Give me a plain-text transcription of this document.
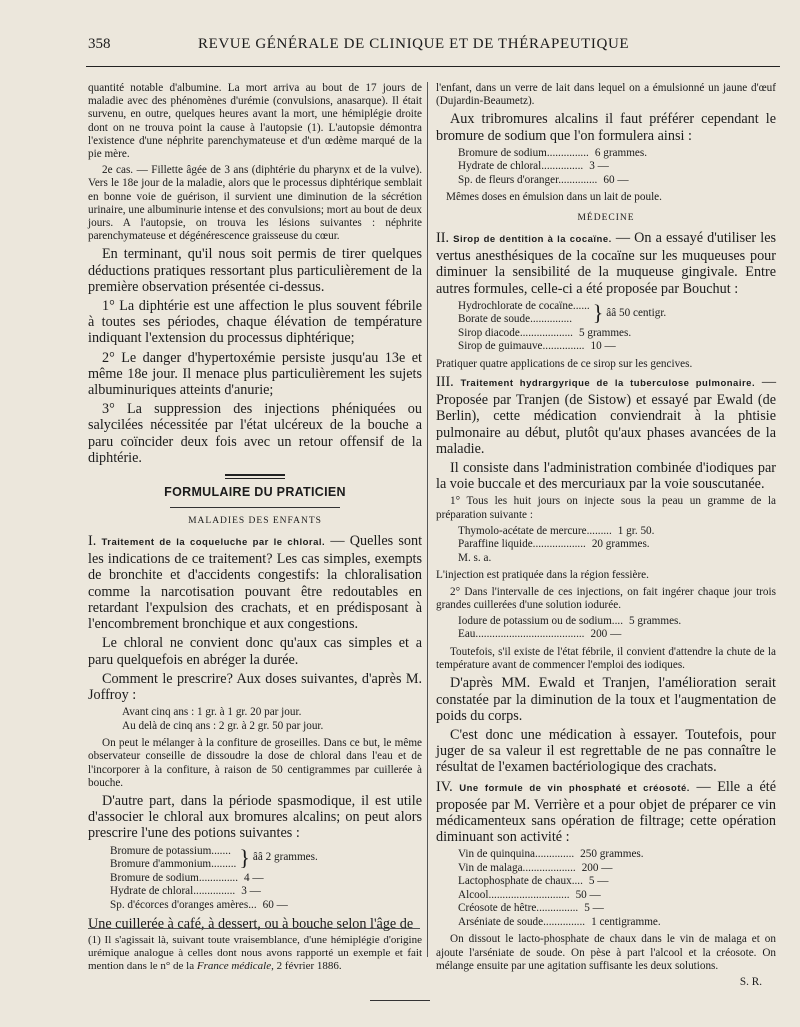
358	REVUE GÉNÉRALE DE CLINIQUE ET DE THÉRAPEUTIQUE

quantité notable d'albumine. La mort arriva au bout de 17 jours de maladie avec des phénomènes d'urémie (convulsions, anasarque). Il était survenu, en outre, quelques heures avant la mort, une hémiplégie droite dont on ne trouva point la cause à l'autopsie (1). L'autopsie démontra l'existence d'une néphrite parenchymateuse et d'un œdème marqué de la pie mère.

2e cas. — Fillette âgée de 3 ans (diphtérie du pharynx et de la vulve). Vers le 18e jour de la maladie, alors que le processus diphtérique semblait en bonne voie de guérison, il survient une diminution de la sécrétion urinaire, une albuminurie intense et des convulsions; mort au bout de deux jours. A l'autopsie, on trouva les lésions suivantes : néphrite parenchymateuse et dégénérescence graisseuse du cœur.

En terminant, qu'il nous soit permis de tirer quelques déductions pratiques ressortant plus particulièrement de la première observation présentée ci-dessus.

1° La diphtérie est une affection le plus souvent fébrile à toutes ses périodes, chaque élévation de température indiquant l'extension du processus diphtérique;

2° Le danger d'hypertoxémie persiste jusqu'au 13e et même 18e jour. Il menace plus particulièrement les sujets albuminuriques atteints d'anurie;

3° La suppression des injections phéniquées ou salycilées nécessitée par l'état ulcéreux de la bouche a paru coïncider deux fois avec un retour offensif de la diphtérie.

FORMULAIRE DU PRATICIEN
MALADIES DES ENFANTS

I. Traitement de la coqueluche par le chloral. — Quelles sont les indications de ce traitement? Les cas simples, exempts de bronchite et d'accidents congestifs: la chloralisation comme la narcotisation pouvant être redoutables en retardant l'expulsion des crachats, et en prédisposant à l'encombrement bronchique et aux congestions.

Le chloral ne convient donc qu'aux cas simples et a paru quelquefois en abréger la durée.

Comment le prescrire? Aux doses suivantes, d'après M. Joffroy :

Avant cinq ans : 1 gr. à 1 gr. 20 par jour.
Au delà de cinq ans : 2 gr. à 2 gr. 50 par jour.

On peut le mélanger à la confiture de groseilles. Dans ce but, le même observateur conseille de dissoudre la dose de chloral dans l'eau et de l'incorporer à la confiture, à raison de 50 centigrammes par cuillerée à bouche.

D'autre part, dans la période spasmodique, il est utile d'associer le chloral aux bromures alcalins; on peut alors prescrire l'une des potions suivantes :

Bromure de potassium.......
Bromure d'ammonium......... } ââ 2 grammes.
Bromure de sodium.............. 4 —
Hydrate de chloral............... 3 —
Sp. d'écorces d'oranges amères... 60 —

Une cuillerée à café, à dessert, ou à bouche selon l'âge de

(1) Il s'agissait là, suivant toute vraisemblance, d'une hémiplégie d'origine urémique analogue à celles dont nous avons rapporté un exemple et fait mention dans le n° de la France médicale, 2 février 1886.

l'enfant, dans un verre de lait dans lequel on a émulsionné un jaune d'œuf (Dujardin-Beaumetz).

Aux tribromures alcalins il faut préférer cependant le bromure de sodium que l'on formulera ainsi :

Bromure de sodium............... 6 grammes.
Hydrate de chloral............... 3 —
Sp. de fleurs d'oranger.............. 60 —

Mêmes doses en émulsion dans un lait de poule.

MÉDECINE

II. Sirop de dentition à la cocaïne. — On a essayé d'utiliser les vertus anesthésiques de la cocaïne sur les muqueuses pour diminuer la sensibilité de la muqueuse gingivale. Entre autres formules, celle-ci a été proposée par Bouchut :

Hydrochlorate de cocaïne......
Borate de soude............... } ââ 50 centigr.
Sirop diacode................... 5 grammes.
Sirop de guimauve............... 10 —

Pratiquer quatre applications de ce sirop sur les gencives.

III. Traitement hydrargyrique de la tuberculose pulmonaire. — Proposée par Tranjen (de Sistow) et essayé par Ewald (de Berlin), cette médication conviendrait à la phtisie pulmonaire au début, plutôt qu'aux phases avancées de la maladie.

Il consiste dans l'administration combinée d'iodiques par la voie buccale et des mercuriaux par la voie souscutanée.

1° Tous les huit jours on injecte sous la peau un gramme de la préparation suivante :

Thymolo-acétate de mercure......... 1 gr. 50.
Paraffine liquide................... 20 grammes.
M. s. a.

L'injection est pratiquée dans la région fessière.

2° Dans l'intervalle de ces injections, on fait ingérer chaque jour trois grandes cuillerées d'une solution iodurée.

Iodure de potassium ou de sodium.... 5 grammes.
Eau....................................... 200 —

Toutefois, s'il existe de l'état fébrile, il convient d'attendre la chute de la température avant de commencer l'emploi des iodiques.

D'après MM. Ewald et Tranjen, l'amélioration serait constatée par la diminution de la toux et l'augmentation de poids du corps.

C'est donc une médication à essayer. Toutefois, pour juger de sa valeur il est regrettable de ne pas connaître le résultat de l'examen bactériologique des crachats.

IV. Une formule de vin phosphaté et créosoté. — Elle a été proposée par M. Verrière et a pour objet de préparer ce vin médicamenteux sans opération de filtrage; cette opération diminuant son activité :

Vin de quinquina.............. 250 grammes.
Vin de malaga................... 200 —
Lactophosphate de chaux.... 5 —
Alcool............................. 50 —
Créosote de hêtre............... 5 —
Arséniate de soude............... 1 centigramme.

On dissout le lacto-phosphate de chaux dans le vin de malaga et on ajoute l'arséniate de soude. On pèse à part l'alcool et la créosote. On mélange ensuite par une agitation suffisante les deux solutions.

S. R.
